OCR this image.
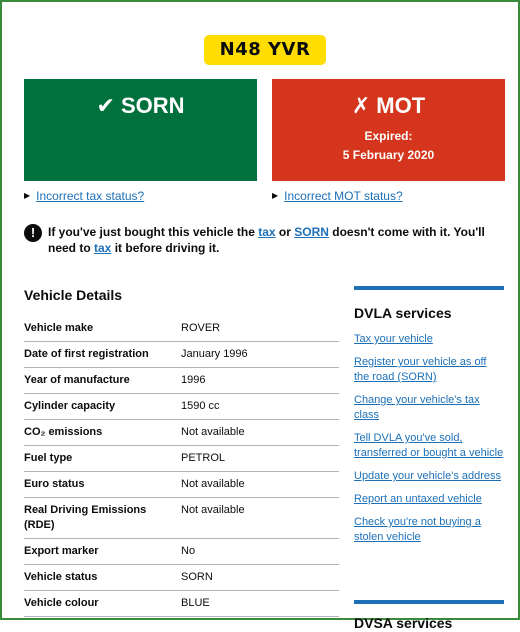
N48 YVR
✔ SORN	✗ MOT
Expired:
5 February 2020
▶ Incorrect tax status?	▶ Incorrect MOT status?
!	If you've just bought this vehicle the tax or SORN doesn't come with it. You'll need to tax it before driving it.
Vehicle Details
Vehicle make	ROVER
Date of first registration	January 1996
Year of manufacture	1996
Cylinder capacity	1590 cc
CO₂ emissions	Not available
Fuel type	PETROL
Euro status	Not available
Real Driving Emissions (RDE)	Not available
Export marker	No
Vehicle status	SORN
Vehicle colour	BLUE
DVLA services
Tax your vehicle
Register your vehicle as off the road (SORN)
Change your vehicle's tax class
Tell DVLA you've sold, transferred or bought a vehicle
Update your vehicle's address
Report an untaxed vehicle
Check you're not buying a stolen vehicle
DVSA services
